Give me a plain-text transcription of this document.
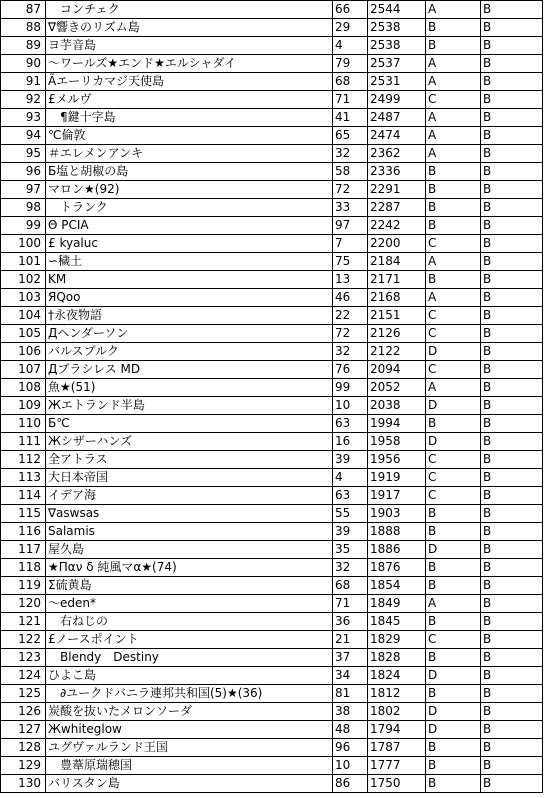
87	　コンチェク	66	2544	A	B
88	∇響きのリズム島	29	2538	B	B
89	ヨ芋音島	4	2538	B	B
90	〜ワールズ★エンド★エルシャダイ	79	2537	A	B
91	Ãエーリカマジ天使島	68	2531	A	B
92	£メルヴ	71	2499	C	B
93	　¶鍵十字島	41	2487	A	B
94	℃倫敦	65	2474	A	B
95	＃エレメンアンキ	32	2362	A	B
96	Б塩と胡椒の島	58	2336	B	B
97	マロン★(92)	72	2291	B	B
98	　トランク	33	2287	B	B
99	Θ PCIA	97	2242	B	B
100	£ kyaluc	7	2200	C	B
101	∽穢土	75	2184	A	B
102	KM	13	2171	B	B
103	ЯQoo	46	2168	A	B
104	†永夜物語	22	2151	C	B
105	Дヘンダーソン	72	2126	C	B
106	バルスブルク	32	2122	D	B
107	Дブラシレス MD	76	2094	C	B
108	魚★(51)	99	2052	A	B
109	Жエトランド半島	10	2038	D	B
110	Б℃	63	1994	B	B
111	Жシザーハンズ	16	1958	D	B
112	全アトラス	39	1956	C	B
113	大日本帝国	4	1919	C	B
114	イデア海	63	1917	C	B
115	∇aswsas	55	1903	B	B
116	Salamis	39	1888	B	B
117	屋久島	35	1886	D	B
118	★Παν δ 純風マα★(74)	32	1876	B	B
119	Σ硫黄島	68	1854	B	B
120	〜eden*	71	1849	A	B
121	　右ねじの	36	1845	B	B
122	£ノースポイント	21	1829	C	B
123	　Blendy　Destiny	37	1828	B	B
124	ひよこ島	34	1824	D	B
125	　∂ユークドバニラ連邦共和国(5)★(36)	81	1812	B	B
126	炭酸を抜いたメロンソーダ	38	1802	D	B
127	Жwhiteglow	48	1794	D	B
128	ユグヴァルランド王国	96	1787	B	B
129	　豊葦原瑞穂国	10	1777	B	B
130	バリスタン島	86	1750	B	B
